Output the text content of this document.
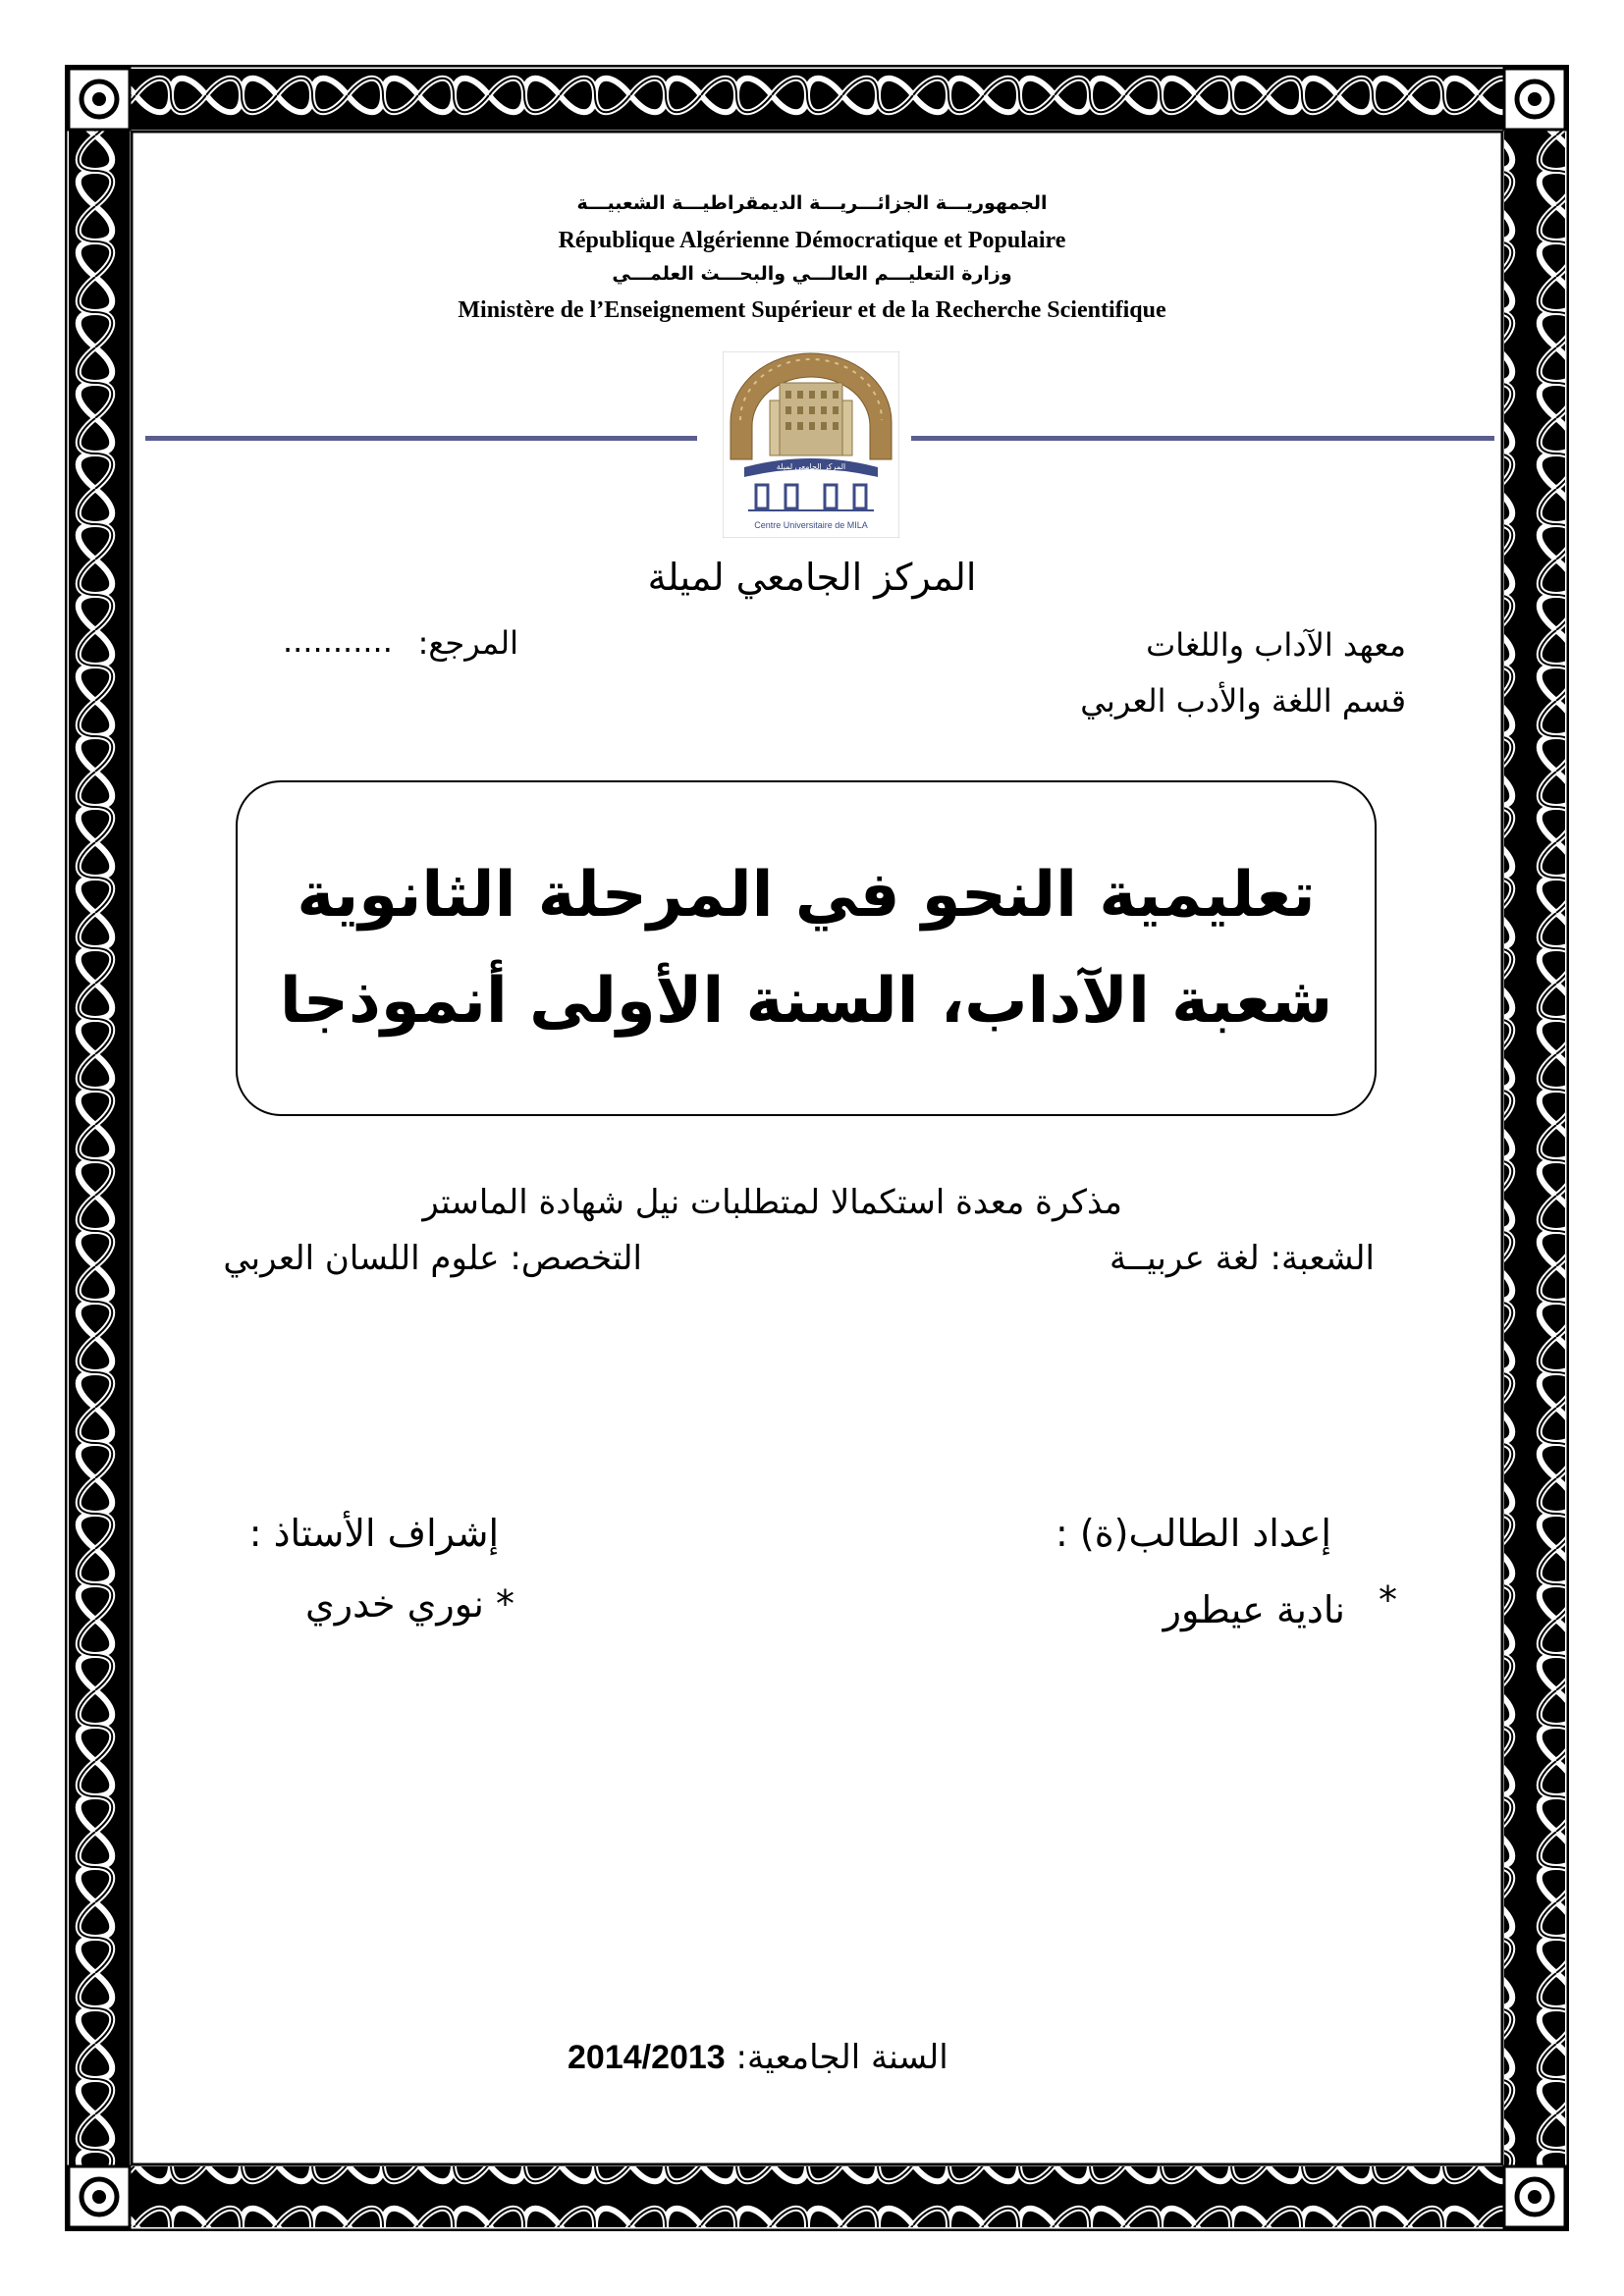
الجمهوريـــة الجزائـــريـــة الديمقراطيـــة الشعبيـــة
République Algérienne Démocratique et Populaire
وزارة التعليـــم العالـــي والبحـــث العلمـــي
Ministère de l’Enseignement Supérieur et de la Recherche Scientifique
المركز الجامعي لميلة
Centre Universitaire de MILA
المركز الجامعي لميلة
معهد الآداب واللغات
قسم اللغة والأدب العربي
........... المرجع:
تعليمية النحو في المرحلة الثانوية
شعبة الآداب، السنة الأولى أنموذجا
مذكرة معدة استكمالا لمتطلبات نيل شهادة الماستر
الشعبة: لغة عربيــة
التخصص: علوم اللسان العربي
إعداد الطالب(ة) :
*
نادية عيطور
إشراف الأستاذ :
* نوري خدري
2014/2013 السنة الجامعية:
